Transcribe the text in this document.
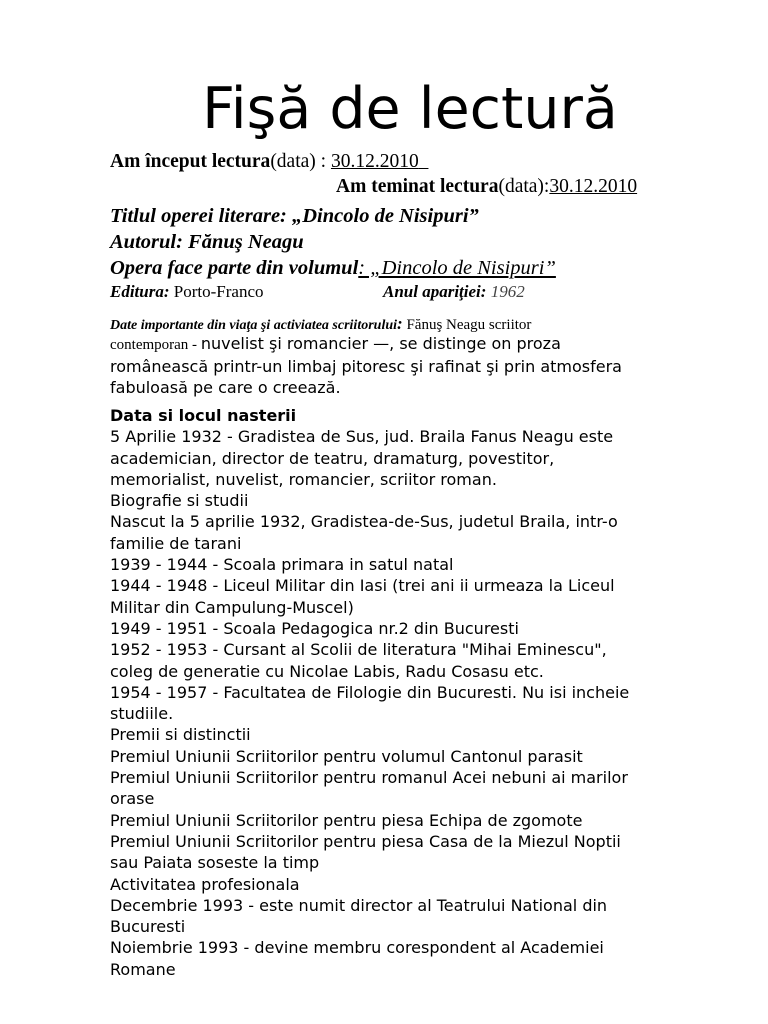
Fişă de lectură
Am început lectura(data) : 30.12.2010
Am teminat lectura(data):30.12.2010
Titlul operei literare: „Dincolo de Nisipuri”
Autorul: Fănuş Neagu
Opera face parte din volumul: „Dincolo de Nisipuri”
Editura: Porto-Franco	Anul apariţiei: 1962
Date importante din viaţa şi activiatea scriitorului: Fănuş Neagu scriitor
contemporan - nuvelist şi romancier —, se distinge on proza
românească printr-un limbaj pitoresc şi rafinat şi prin atmosfera
fabuloasă pe care o creează.
Data si locul nasterii
5 Aprilie 1932 - Gradistea de Sus, jud. Braila Fanus Neagu este
academician, director de teatru, dramaturg, povestitor,
memorialist, nuvelist, romancier, scriitor roman.
Biografie si studii
Nascut la 5 aprilie 1932, Gradistea-de-Sus, judetul Braila, intr-o
familie de tarani
1939 - 1944 - Scoala primara in satul natal
1944 - 1948 - Liceul Militar din Iasi (trei ani ii urmeaza la Liceul
Militar din Campulung-Muscel)
1949 - 1951 - Scoala Pedagogica nr.2 din Bucuresti
1952 - 1953 - Cursant al Scolii de literatura "Mihai Eminescu",
coleg de generatie cu Nicolae Labis, Radu Cosasu etc.
1954 - 1957 - Facultatea de Filologie din Bucuresti. Nu isi incheie
studiile.
Premii si distinctii
Premiul Uniunii Scriitorilor pentru volumul Cantonul parasit
Premiul Uniunii Scriitorilor pentru romanul Acei nebuni ai marilor
orase
Premiul Uniunii Scriitorilor pentru piesa Echipa de zgomote
Premiul Uniunii Scriitorilor pentru piesa Casa de la Miezul Noptii
sau Paiata soseste la timp
Activitatea profesionala
Decembrie 1993 - este numit director al Teatrului National din
Bucuresti
Noiembrie 1993 - devine membru corespondent al Academiei
Romane
